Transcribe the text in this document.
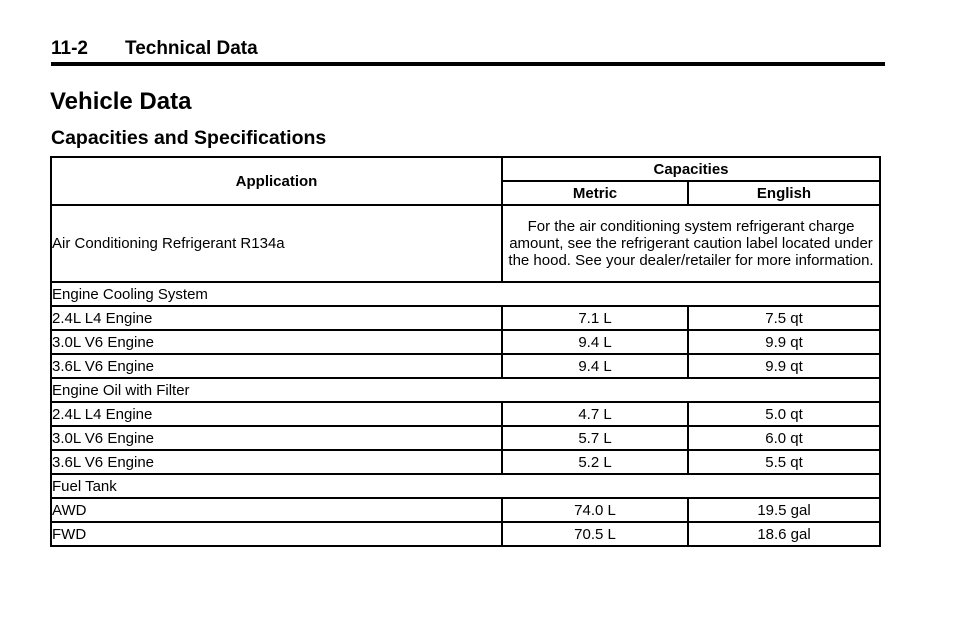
11-2 Technical Data
Vehicle Data
Capacities and Specifications
Application	Capacities	
	Metric	English
Air Conditioning Refrigerant R134a	For the air conditioning system refrigerant charge amount, see the refrigerant caution label located under the hood. See your dealer/retailer for more information.	
Engine Cooling System		
2.4L L4 Engine	7.1 L	7.5 qt
3.0L V6 Engine	9.4 L	9.9 qt
3.6L V6 Engine	9.4 L	9.9 qt
Engine Oil with Filter		
2.4L L4 Engine	4.7 L	5.0 qt
3.0L V6 Engine	5.7 L	6.0 qt
3.6L V6 Engine	5.2 L	5.5 qt
Fuel Tank		
AWD	74.0 L	19.5 gal
FWD	70.5 L	18.6 gal
